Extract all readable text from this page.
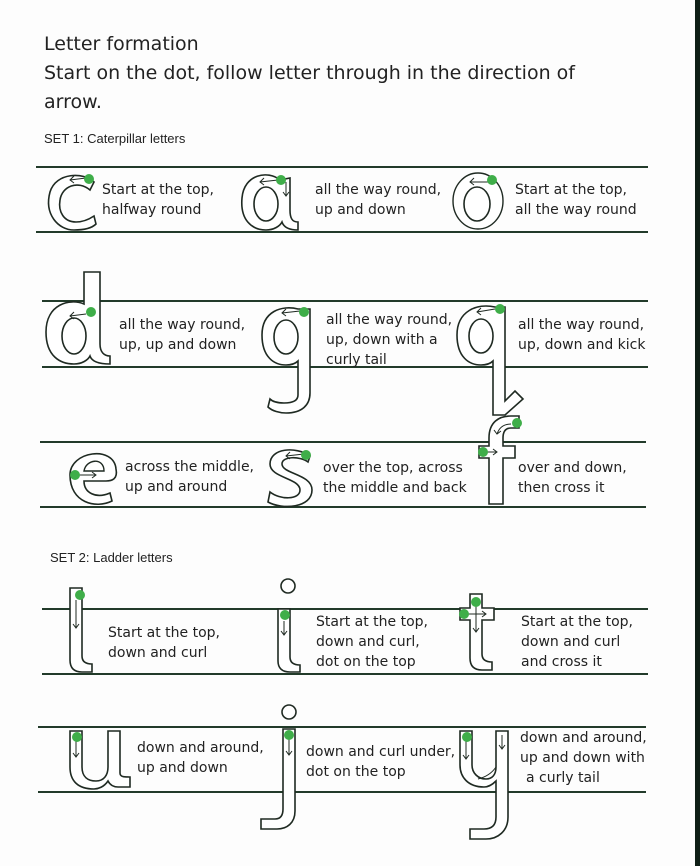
Letter formation
Start on the dot, follow letter through in the direction of
arrow.
SET 1: Caterpillar letters
Start at the top,
halfway round
all the way round,
up and down
Start at the top,
all the way round
all the way round,
up, up and down
all the way round,
up, down with a
curly tail
all the way round,
up, down and kick
across the middle,
up and around
over the top, across
the middle and back
over and down,
then cross it
SET 2: Ladder letters
Start at the top,
down and curl
Start at the top,
down and curl,
dot on the top
Start at the top,
down and curl
and cross it
down and around,
up and down
down and curl under,
dot on the top
down and around,
up and down with
a curly tail
